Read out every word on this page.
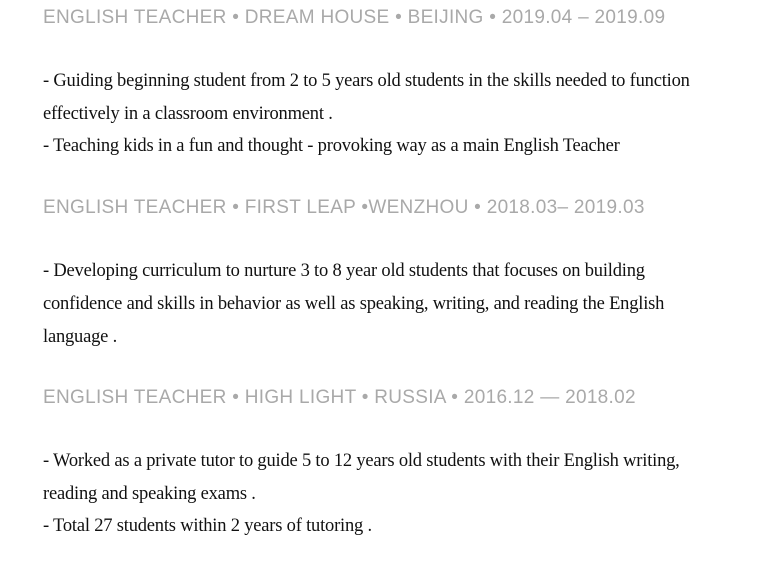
ENGLISH TEACHER • DREAM HOUSE • BEIJING • 2019.04 – 2019.09
- Guiding beginning student from 2 to 5 years old students in the skills needed to function effectively in a classroom environment .
- Teaching kids in a fun and thought - provoking way as a main English Teacher
ENGLISH TEACHER • FIRST LEAP •WENZHOU • 2018.03– 2019.03
- Developing curriculum to nurture 3 to 8 year old students that focuses on building confidence and skills in behavior as well as speaking, writing, and reading the English language .
ENGLISH TEACHER • HIGH LIGHT • RUSSIA • 2016.12 — 2018.02
- Worked as a private tutor to guide 5 to 12 years old students with their English writing, reading and speaking exams .
- Total 27 students within 2 years of tutoring .
